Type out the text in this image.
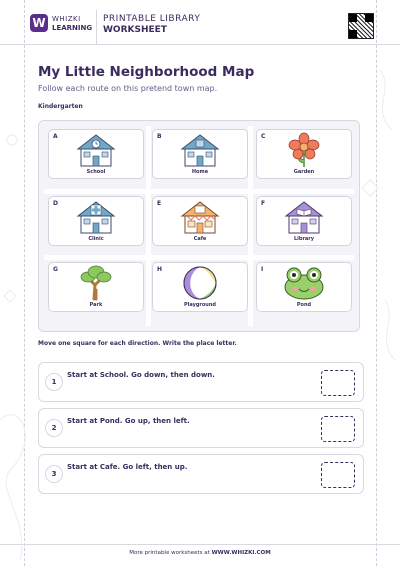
W WHIZKI
LEARNING
PRINTABLE LIBRARY
WORKSHEET
My Little Neighborhood Map
Follow each route on this pretend town map.
Kindergarten
A
School
B
Home
C
Garden
D
Clinic
E
Cafe
F
Library
G
Park
H
Playground
I
Pond
Move one square for each direction. Write the place letter.
1
Start at School. Go down, then down.
2
Start at Pond. Go up, then left.
3
Start at Cafe. Go left, then up.
More printable worksheets at WWW.WHIZKI.COM
